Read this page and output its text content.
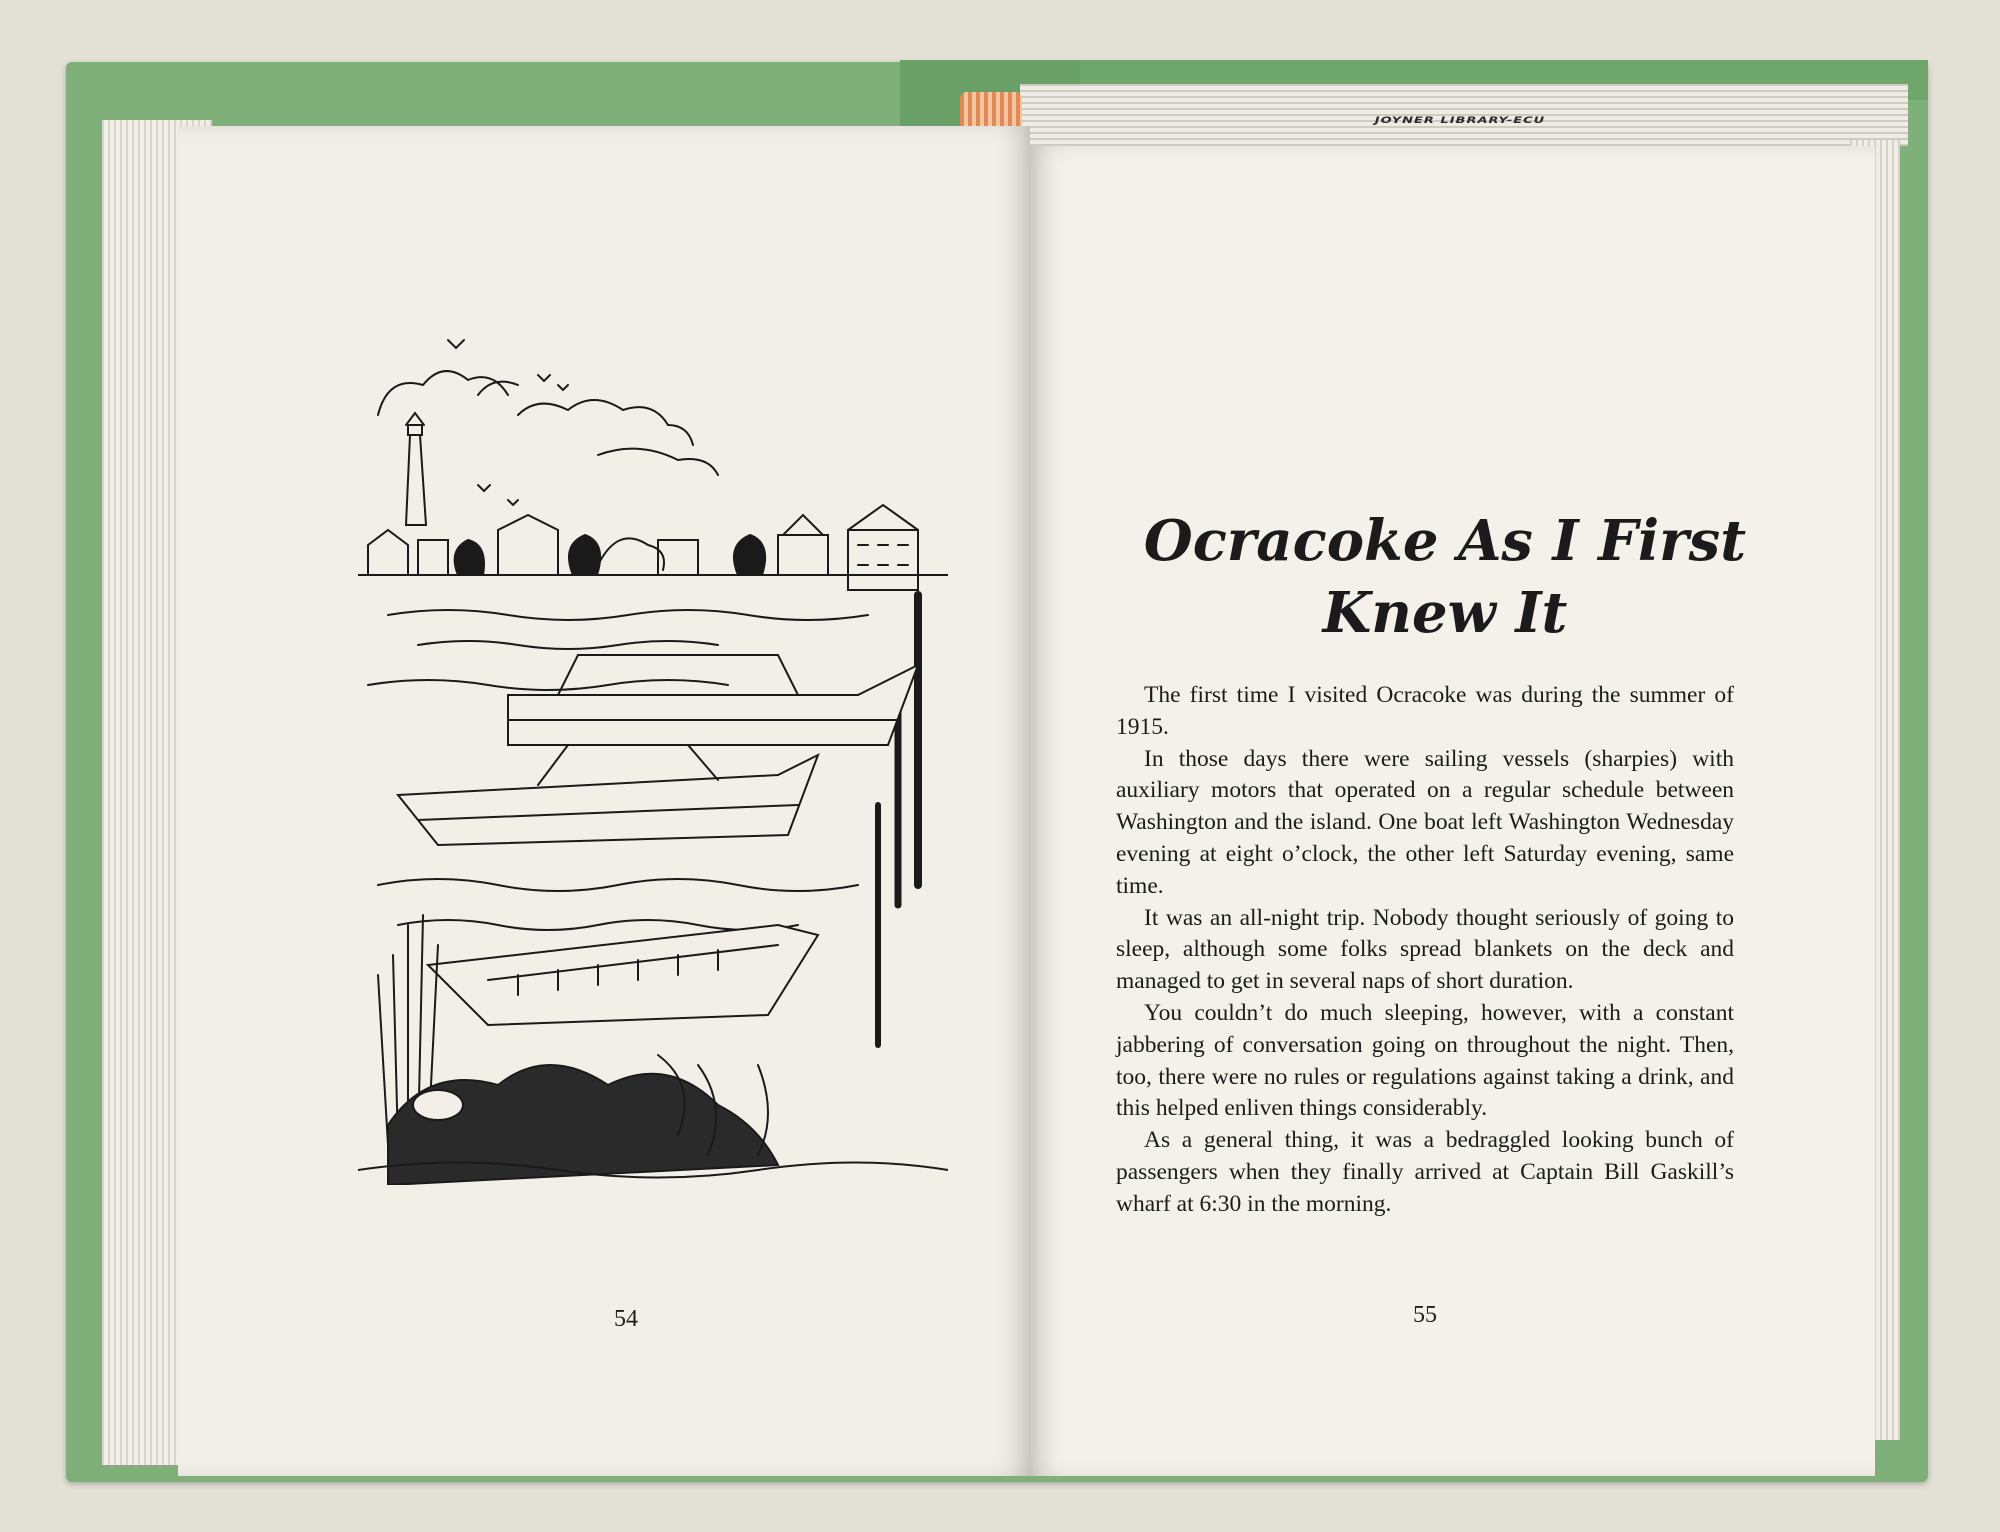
JOYNER LIBRARY-ECU
54	55
Ocracoke As I First
Knew It

The first time I visited Ocracoke was during the summer of 1915.

In those days there were sailing vessels (sharpies) with auxiliary motors that operated on a regular schedule between Washington and the island. One boat left Washington Wednesday evening at eight o’clock, the other left Saturday evening, same time.

It was an all-night trip. Nobody thought seriously of going to sleep, although some folks spread blankets on the deck and managed to get in several naps of short duration.

You couldn’t do much sleeping, however, with a constant jabbering of conversation going on throughout the night. Then, too, there were no rules or regulations against taking a drink, and this helped enliven things considerably.

As a general thing, it was a bedraggled looking bunch of passengers when they finally arrived at Captain Bill Gaskill’s wharf at 6:30 in the morning.
